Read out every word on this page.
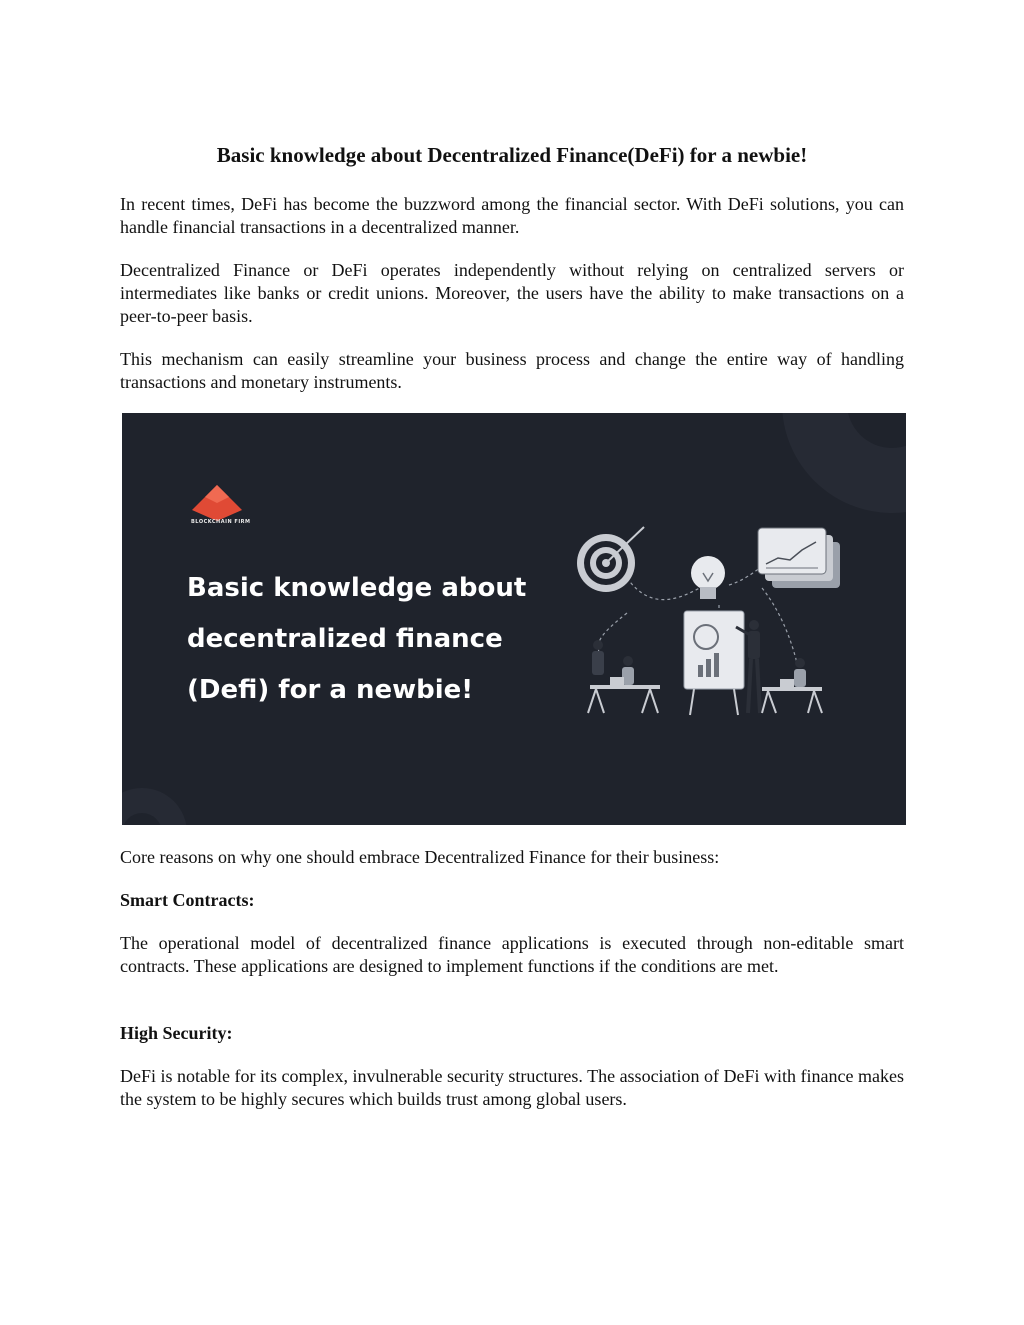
Basic knowledge about Decentralized Finance(DeFi) for a newbie!

In recent times, DeFi has become the buzzword among the financial sector. With DeFi solutions, you can handle financial transactions in a decentralized manner.

Decentralized Finance or DeFi operates independently without relying on centralized servers or intermediates like banks or credit unions. Moreover, the users have the ability to make transactions on a peer-to-peer basis.

This mechanism can easily streamline your business process and change the entire way of handling transactions and monetary instruments.

BLOCKCHAIN FIRM
Basic knowledge about
decentralized finance
(Defi) for a newbie!

Core reasons on why one should embrace Decentralized Finance for their business:

Smart Contracts:

The operational model of decentralized finance applications is executed through non-editable smart contracts. These applications are designed to implement functions if the conditions are met.

High Security:

DeFi is notable for its complex, invulnerable security structures. The association of DeFi with finance makes the system to be highly secures which builds trust among global users.
